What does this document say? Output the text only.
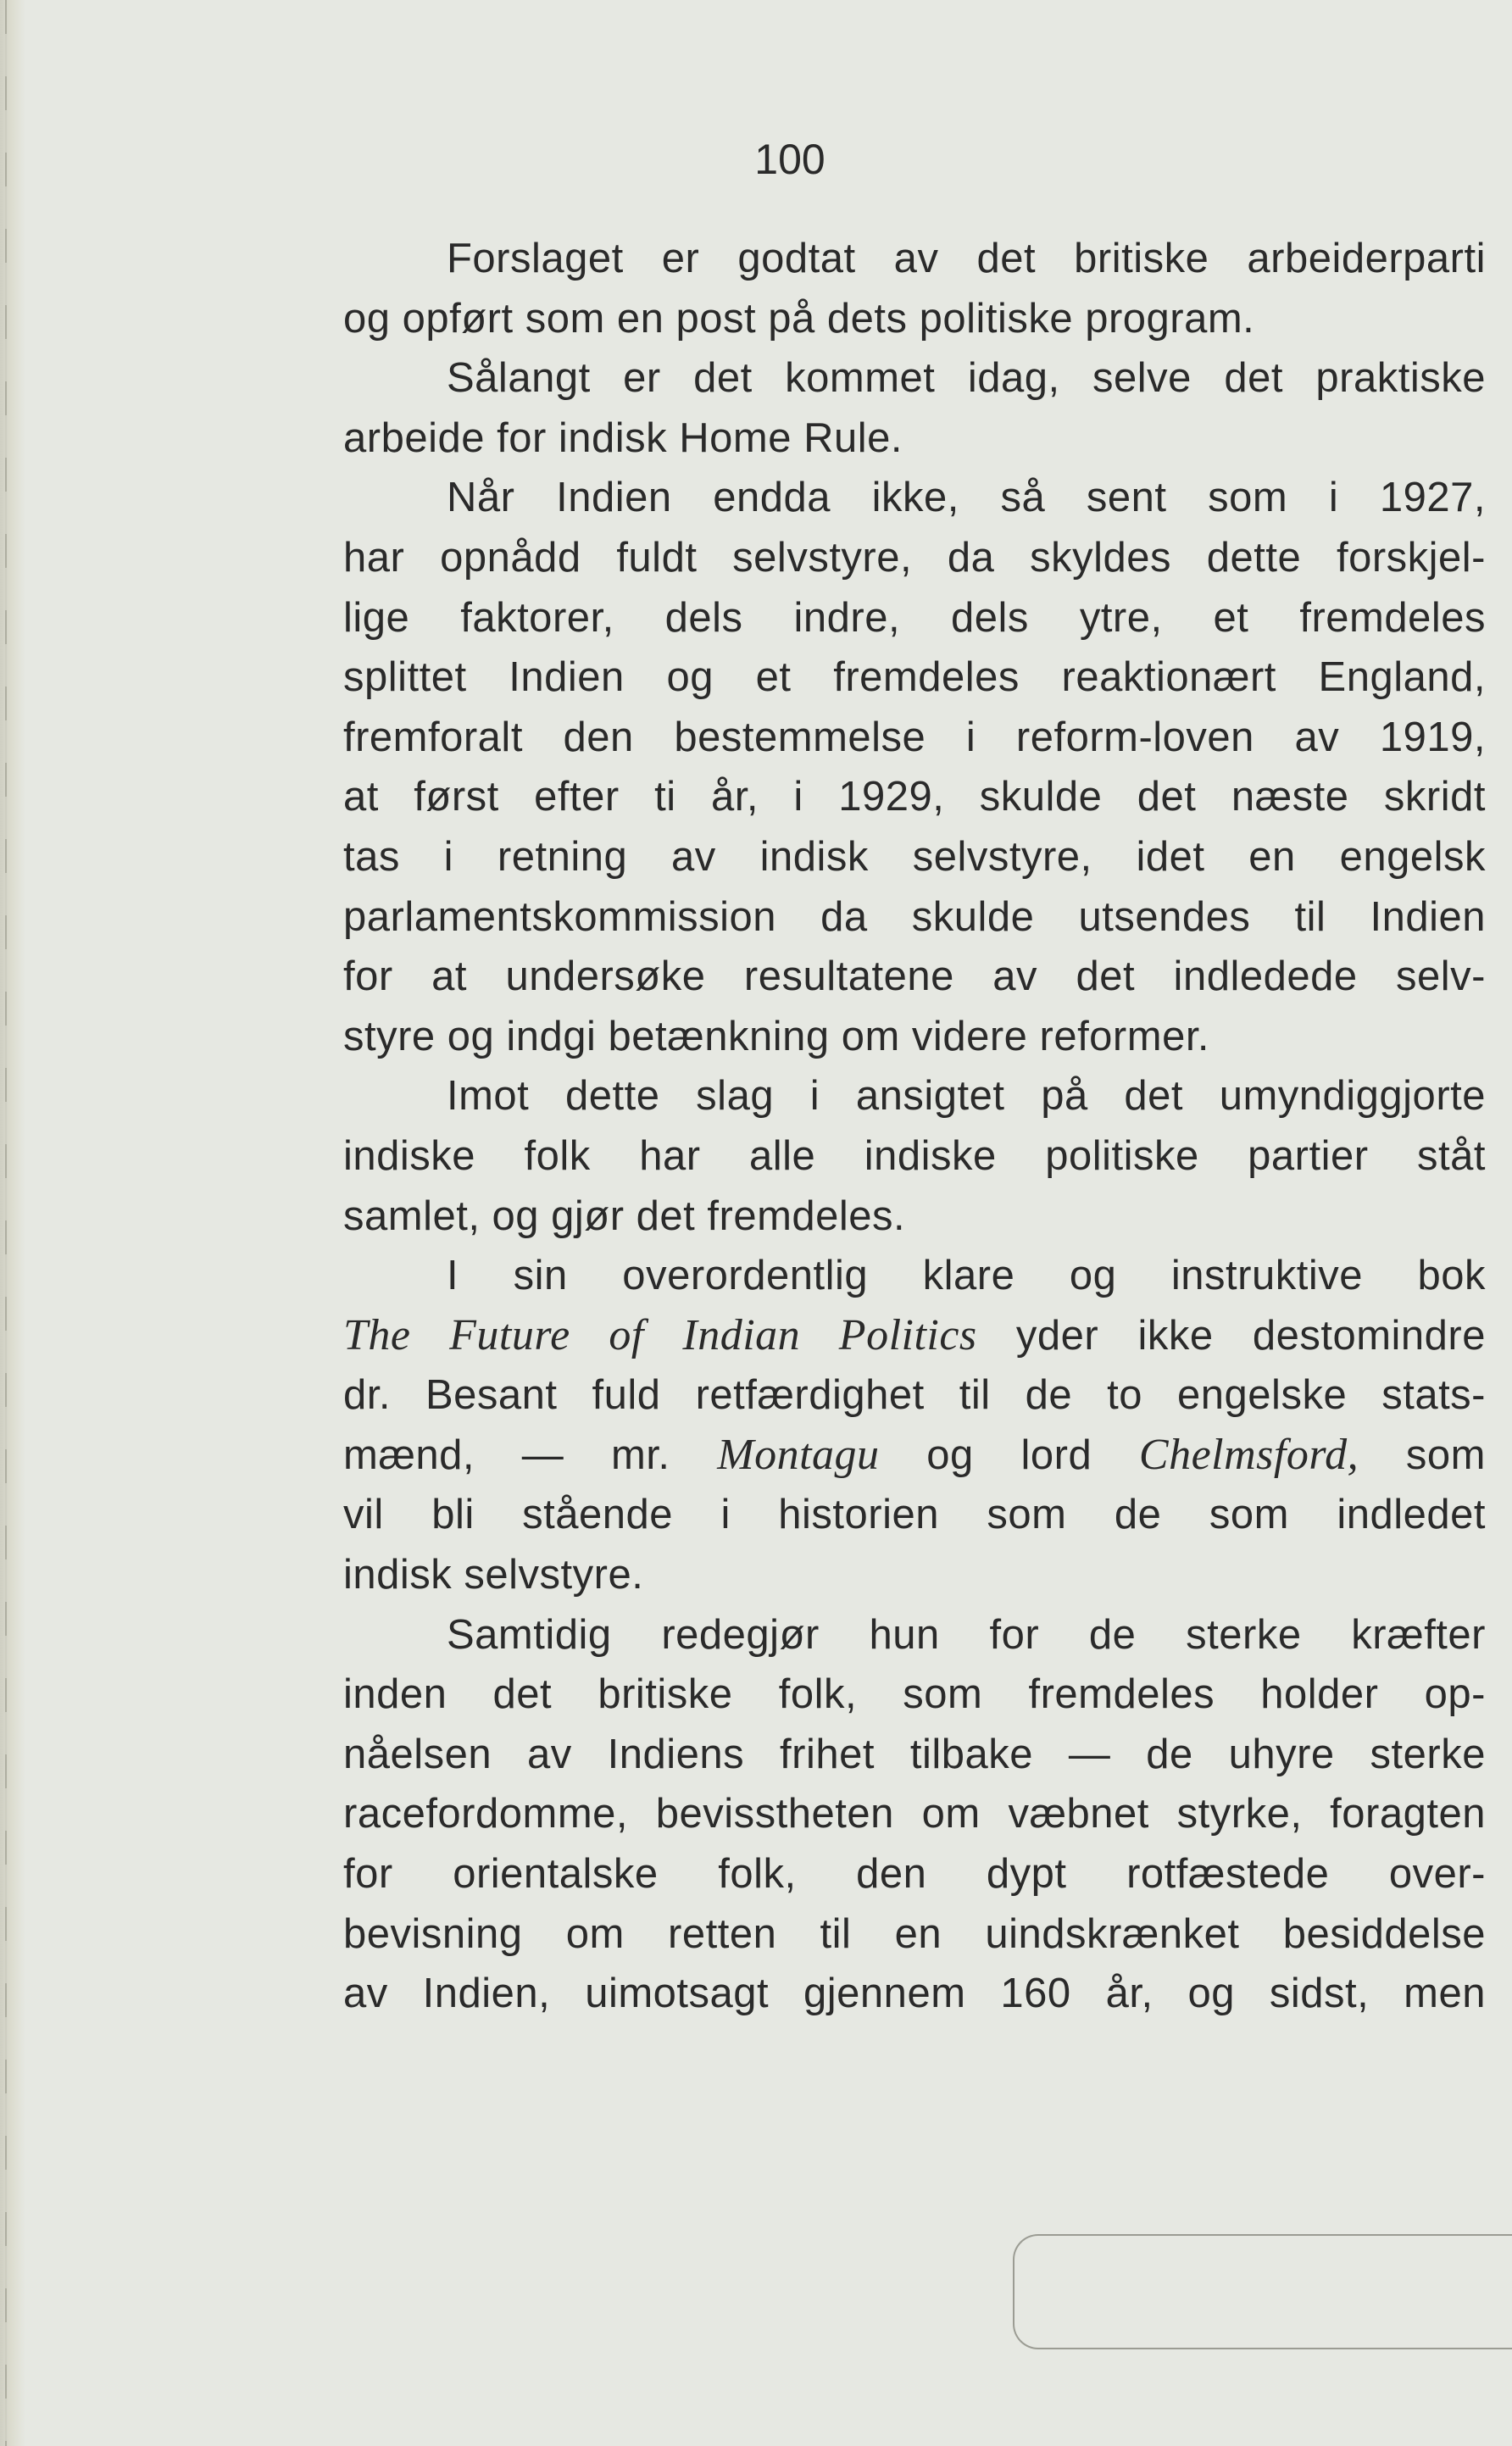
100
Forslaget er godtat av det britiske arbeiderparti
og opført som en post på dets politiske program.
Sålangt er det kommet idag, selve det praktiske
arbeide for indisk Home Rule.
Når Indien endda ikke, så sent som i 1927,
har opnådd fuldt selvstyre, da skyldes dette forskjel-
lige faktorer, dels indre, dels ytre, et fremdeles
splittet Indien og et fremdeles reaktionært England,
fremforalt den bestemmelse i reform-loven av 1919,
at først efter ti år, i 1929, skulde det næste skridt
tas i retning av indisk selvstyre, idet en engelsk
parlamentskommission da skulde utsendes til Indien
for at undersøke resultatene av det indledede selv-
styre og indgi betænkning om videre reformer.
Imot dette slag i ansigtet på det umyndiggjorte
indiske folk har alle indiske politiske partier ståt
samlet, og gjør det fremdeles.
I sin overordentlig klare og instruktive bok
The Future of Indian Politics yder ikke destomindre
dr. Besant fuld retfærdighet til de to engelske stats-
mænd, — mr. Montagu og lord Chelmsford, som
vil bli stående i historien som de som indledet
indisk selvstyre.
Samtidig redegjør hun for de sterke kræfter
inden det britiske folk, som fremdeles holder op-
nåelsen av Indiens frihet tilbake — de uhyre sterke
racefordomme, bevisstheten om væbnet styrke, foragten
for orientalske folk, den dypt rotfæstede over-
bevisning om retten til en uindskrænket besiddelse
av Indien, uimotsagt gjennem 160 år, og sidst, men
